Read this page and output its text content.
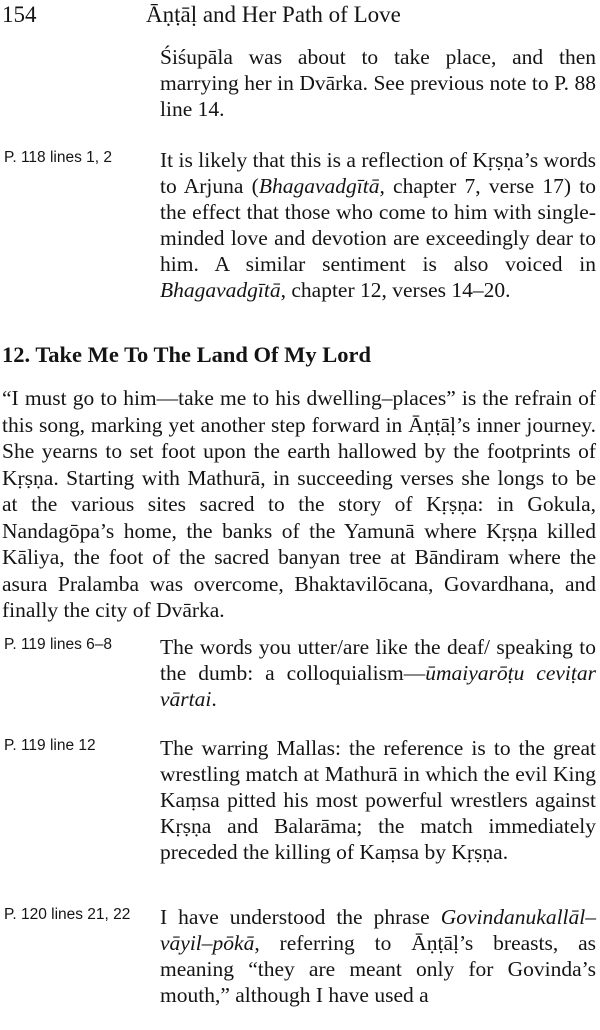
154	Āṇṭāḷ and Her Path of Love
Śiśupāla was about to take place, and then marrying her in Dvārka. See previous note to P. 88 line 14.
P. 118 lines 1, 2 It is likely that this is a reflection of Kṛṣṇa’s words to Arjuna (Bhagavadgītā, chapter 7, verse 17) to the effect that those who come to him with single-minded love and devotion are exceedingly dear to him. A similar sentiment is also voiced in Bhagavadgītā, chapter 12, verses 14–20.
12. Take Me To The Land Of My Lord
“I must go to him—take me to his dwelling–places” is the refrain of this song, marking yet another step forward in Āṇṭāḷ’s inner journey. She yearns to set foot upon the earth hallowed by the footprints of Kṛṣṇa. Starting with Mathurā, in succeeding verses she longs to be at the various sites sacred to the story of Kṛṣṇa: in Gokula, Nandagōpa’s home, the banks of the Yamunā where Kṛṣṇa killed Kāliya, the foot of the sacred banyan tree at Bāndiram where the asura Pralamba was overcome, Bhaktavilōcana, Govardhana, and finally the city of Dvārka.
P. 119 lines 6–8 The words you utter/are like the deaf/ speaking to the dumb: a colloquialism—ūmaiyarōṭu ceviṭar vārtai.
P. 119 line 12	The warring Mallas: the reference is to the great wrestling match at Mathurā in which the evil King Kaṃsa pitted his most powerful wrestlers against Kṛṣṇa and Balarāma; the match immediately preceded the killing of Kaṃsa by Kṛṣṇa.
P. 120 lines 21, 22 I have understood the phrase Govindanukallāl–vāyil–pōkā, referring to Āṇṭāḷ’s breasts, as meaning “they are meant only for Govinda’s mouth,” although I have used a
